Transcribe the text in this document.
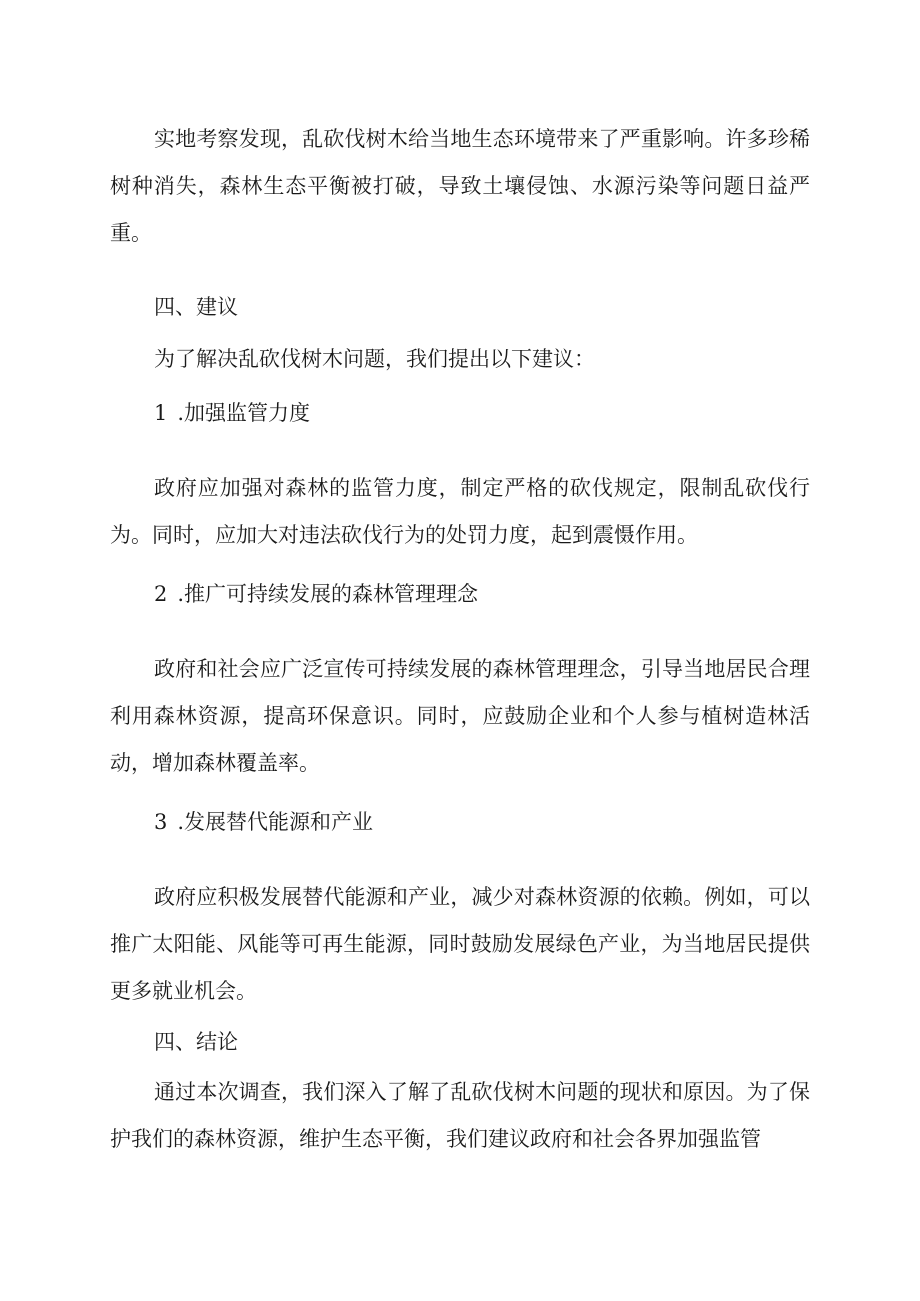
实地考察发现，乱砍伐树木给当地生态环境带来了严重影响。许多珍稀树种消失，森林生态平衡被打破，导致土壤侵蚀、水源污染等问题日益严重。

四、建议

为了解决乱砍伐树木问题，我们提出以下建议：

1 .加强监管力度

政府应加强对森林的监管力度，制定严格的砍伐规定，限制乱砍伐行为。同时，应加大对违法砍伐行为的处罚力度，起到震慑作用。

2 .推广可持续发展的森林管理理念

政府和社会应广泛宣传可持续发展的森林管理理念，引导当地居民合理利用森林资源，提高环保意识。同时，应鼓励企业和个人参与植树造林活动，增加森林覆盖率。

3 .发展替代能源和产业

政府应积极发展替代能源和产业，减少对森林资源的依赖。例如，可以推广太阳能、风能等可再生能源，同时鼓励发展绿色产业，为当地居民提供更多就业机会。

四、结论

通过本次调查，我们深入了解了乱砍伐树木问题的现状和原因。为了保护我们的森林资源，维护生态平衡，我们建议政府和社会各界加强监管
